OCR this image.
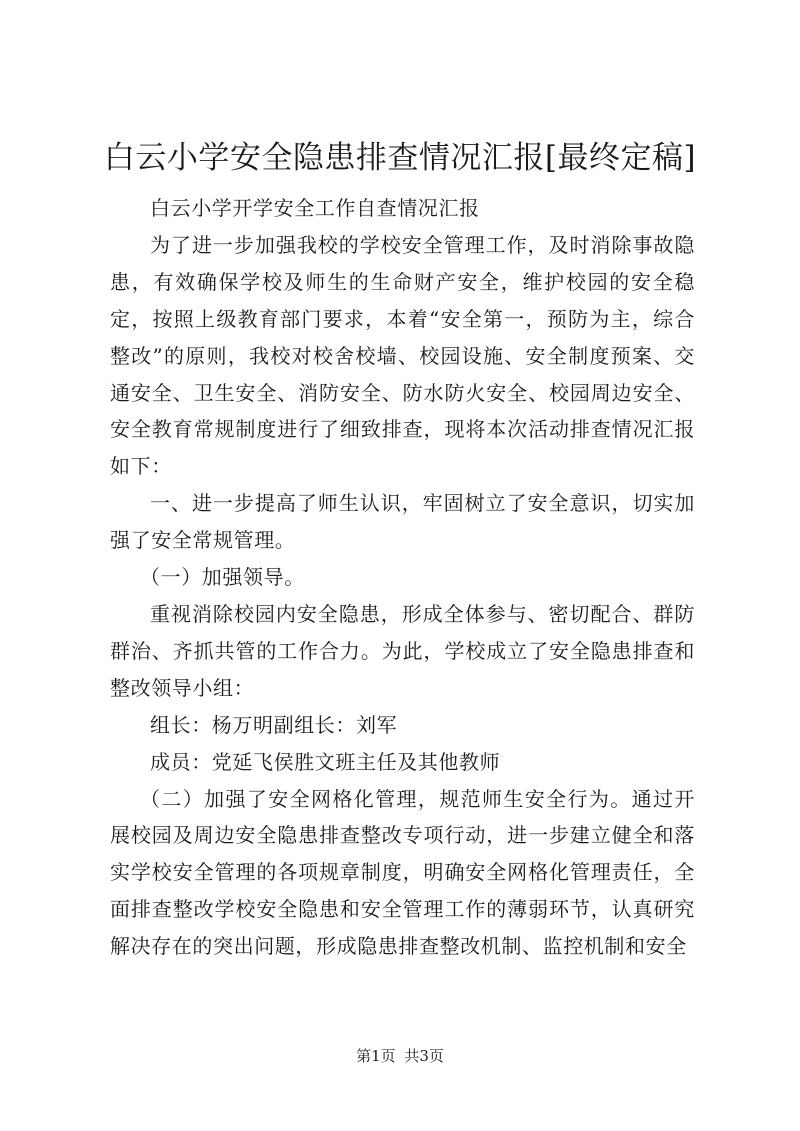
白云小学安全隐患排查情况汇报[最终定稿]

白云小学开学安全工作自查情况汇报

为了进一步加强我校的学校安全管理工作，及时消除事故隐患，有效确保学校及师生的生命财产安全，维护校园的安全稳定，按照上级教育部门要求，本着“安全第一，预防为主，综合整改”的原则，我校对校舍校墙、校园设施、安全制度预案、交通安全、卫生安全、消防安全、防水防火安全、校园周边安全、安全教育常规制度进行了细致排查，现将本次活动排查情况汇报如下：

一、进一步提高了师生认识，牢固树立了安全意识，切实加强了安全常规管理。

（一）加强领导。

重视消除校园内安全隐患，形成全体参与、密切配合、群防群治、齐抓共管的工作合力。为此，学校成立了安全隐患排查和整改领导小组：

组长：杨万明副组长：刘军

成员：党延飞侯胜文班主任及其他教师

（二）加强了安全网格化管理，规范师生安全行为。通过开展校园及周边安全隐患排查整改专项行动，进一步建立健全和落实学校安全管理的各项规章制度，明确安全网格化管理责任，全面排查整改学校安全隐患和安全管理工作的薄弱环节，认真研究解决存在的突出问题，形成隐患排查整改机制、监控机制和安全

第1页 共3页
